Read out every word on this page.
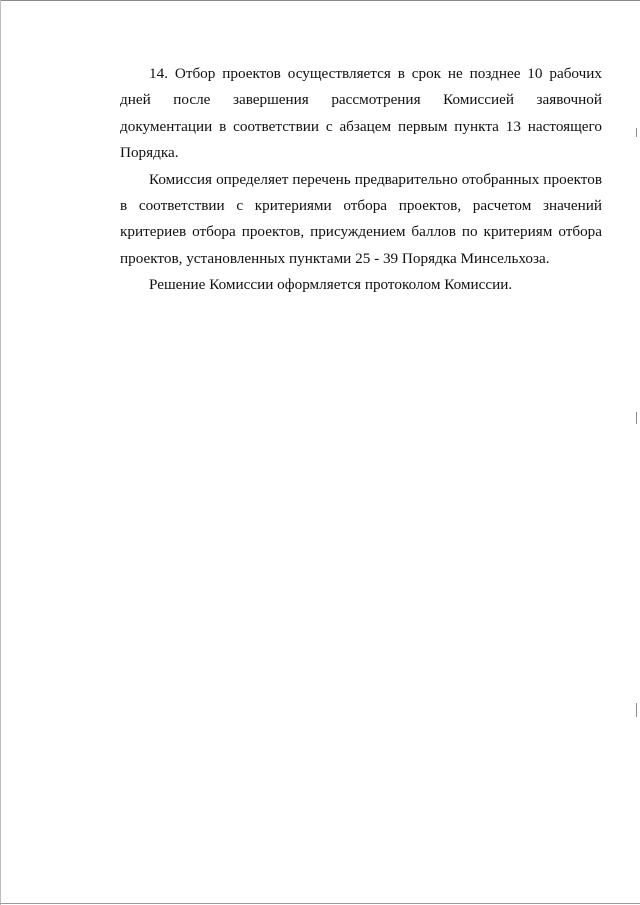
14. Отбор проектов осуществляется в срок не позднее 10 рабочих дней после завершения рассмотрения Комиссией заявочной документации в соответствии с абзацем первым пункта 13 настоящего Порядка.

Комиссия определяет перечень предварительно отобранных проектов в соответствии с критериями отбора проектов, расчетом значений критериев отбора проектов, присуждением баллов по критериям отбора проектов, установленных пунктами 25 - 39 Порядка Минсельхоза.

Решение Комиссии оформляется протоколом Комиссии.
